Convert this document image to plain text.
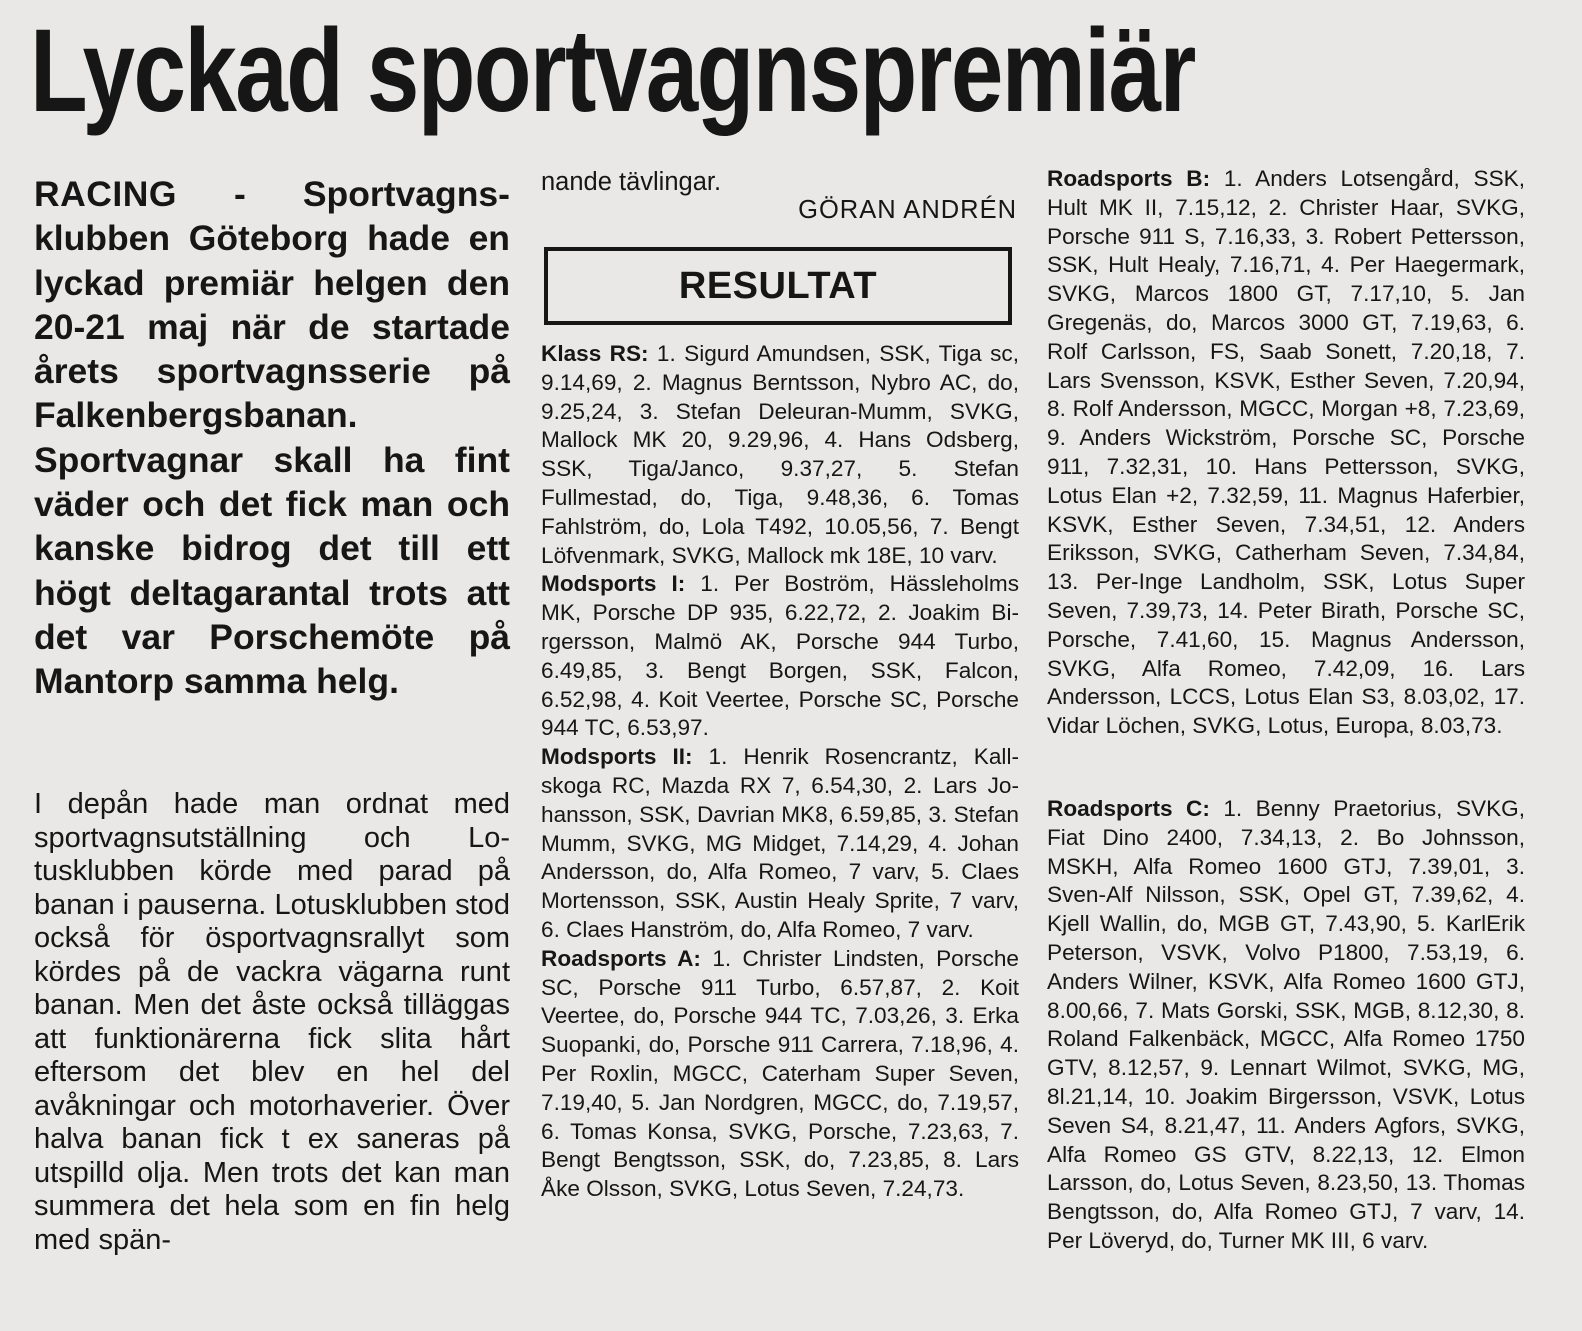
Lyckad sportvagnspremiär
RACING - Sportvagnsklubben Göteborg hade en lyckad premiär helgen den 20-21 maj när de startade årets sportvagnsserie på Falkenbergsbanan. Sportvagnar skall ha fint väder och det fick man och kanske bidrog det till ett högt deltagarantal trots att det var Porschemöte på Mantorp samma helg.
I depån hade man ordnat med sportvagnsutställning och Lotusklubben körde med parad på banan i pauserna. Lotusklubben stod också för ösportvagnsrallyt som kördes på de vackra vägarna runt banan. Men det åste också tilläggas att funktionärerna fick slita hårt eftersom det blev en hel del avåkningar och motorhaverier. Över halva banan fick t ex saneras på utspilld olja. Men trots det kan man summera det hela som en fin helg med spän-
nande tävlingar.
GÖRAN ANDRÉN
RESULTAT

Klass RS: 1. Sigurd Amundsen, SSK, Tiga sc, 9.14,69, 2. Magnus Berntsson, Nybro AC, do, 9.25,24, 3. Stefan Deleuran-Mumm, SVKG, Mallock MK 20, 9.29,96, 4. Hans Odsberg, SSK, Tiga/Janco, 9.37,27, 5. Stefan Fullmestad, do, Tiga, 9.48,36, 6. Tomas Fahlström, do, Lola T492, 10.05,56, 7. Bengt Löfvenmark, SVKG, Mallock mk 18E, 10 varv.

Modsports I: 1. Per Boström, Hässleholms MK, Porsche DP 935, 6.22,72, 2. Joakim Birgersson, Malmö AK, Porsche 944 Turbo, 6.49,85, 3. Bengt Borgen, SSK, Falcon, 6.52,98, 4. Koit Veertee, Porsche SC, Porsche 944 TC, 6.53,97.

Modsports II: 1. Henrik Rosencrantz, Kallskoga RC, Mazda RX 7, 6.54,30, 2. Lars Johansson, SSK, Davrian MK8, 6.59,85, 3. Stefan Mumm, SVKG, MG Midget, 7.14,29, 4. Johan Andersson, do, Alfa Romeo, 7 varv, 5. Claes Mortensson, SSK, Austin Healy Sprite, 7 varv, 6. Claes Hanström, do, Alfa Romeo, 7 varv.

Roadsports A: 1. Christer Lindsten, Porsche SC, Porsche 911 Turbo, 6.57,87, 2. Koit Veertee, do, Porsche 944 TC, 7.03,26, 3. Erka Suopanki, do, Porsche 911 Carrera, 7.18,96, 4. Per Roxlin, MGCC, Caterham Super Seven, 7.19,40, 5. Jan Nordgren, MGCC, do, 7.19,57, 6. Tomas Konsa, SVKG, Porsche, 7.23,63, 7. Bengt Bengtsson, SSK, do, 7.23,85, 8. Lars Åke Olsson, SVKG, Lotus Seven, 7.24,73.

Roadsports B: 1. Anders Lotsengård, SSK, Hult MK II, 7.15,12, 2. Christer Haar, SVKG, Porsche 911 S, 7.16,33, 3. Robert Pettersson, SSK, Hult Healy, 7.16,71, 4. Per Haegermark, SVKG, Marcos 1800 GT, 7.17,10, 5. Jan Gregenäs, do, Marcos 3000 GT, 7.19,63, 6. Rolf Carlsson, FS, Saab Sonett, 7.20,18, 7. Lars Svensson, KSVK, Esther Seven, 7.20,94, 8. Rolf Andersson, MGCC, Morgan +8, 7.23,69, 9. Anders Wickström, Porsche SC, Porsche 911, 7.32,31, 10. Hans Pettersson, SVKG, Lotus Elan +2, 7.32,59, 11. Magnus Haferbier, KSVK, Esther Seven, 7.34,51, 12. Anders Eriksson, SVKG, Catherham Seven, 7.34,84, 13. Per-Inge Landholm, SSK, Lotus Super Seven, 7.39,73, 14. Peter Birath, Porsche SC, Porsche, 7.41,60, 15. Magnus Andersson, SVKG, Alfa Romeo, 7.42,09, 16. Lars Andersson, LCCS, Lotus Elan S3, 8.03,02, 17. Vidar Löchen, SVKG, Lotus, Europa, 8.03,73.

Roadsports C: 1. Benny Praetorius, SVKG, Fiat Dino 2400, 7.34,13, 2. Bo Johnsson, MSKH, Alfa Romeo 1600 GTJ, 7.39,01, 3. Sven-Alf Nilsson, SSK, Opel GT, 7.39,62, 4. Kjell Wallin, do, MGB GT, 7.43,90, 5. KarlErik Peterson, VSVK, Volvo P1800, 7.53,19, 6. Anders Wilner, KSVK, Alfa Romeo 1600 GTJ, 8.00,66, 7. Mats Gorski, SSK, MGB, 8.12,30, 8. Roland Falkenbäck, MGCC, Alfa Romeo 1750 GTV, 8.12,57, 9. Lennart Wilmot, SVKG, MG, 8l.21,14, 10. Joakim Birgersson, VSVK, Lotus Seven S4, 8.21,47, 11. Anders Agfors, SVKG, Alfa Romeo GS GTV, 8.22,13, 12. Elmon Larsson, do, Lotus Seven, 8.23,50, 13. Thomas Bengtsson, do, Alfa Romeo GTJ, 7 varv, 14. Per Löveryd, do, Turner MK III, 6 varv.
